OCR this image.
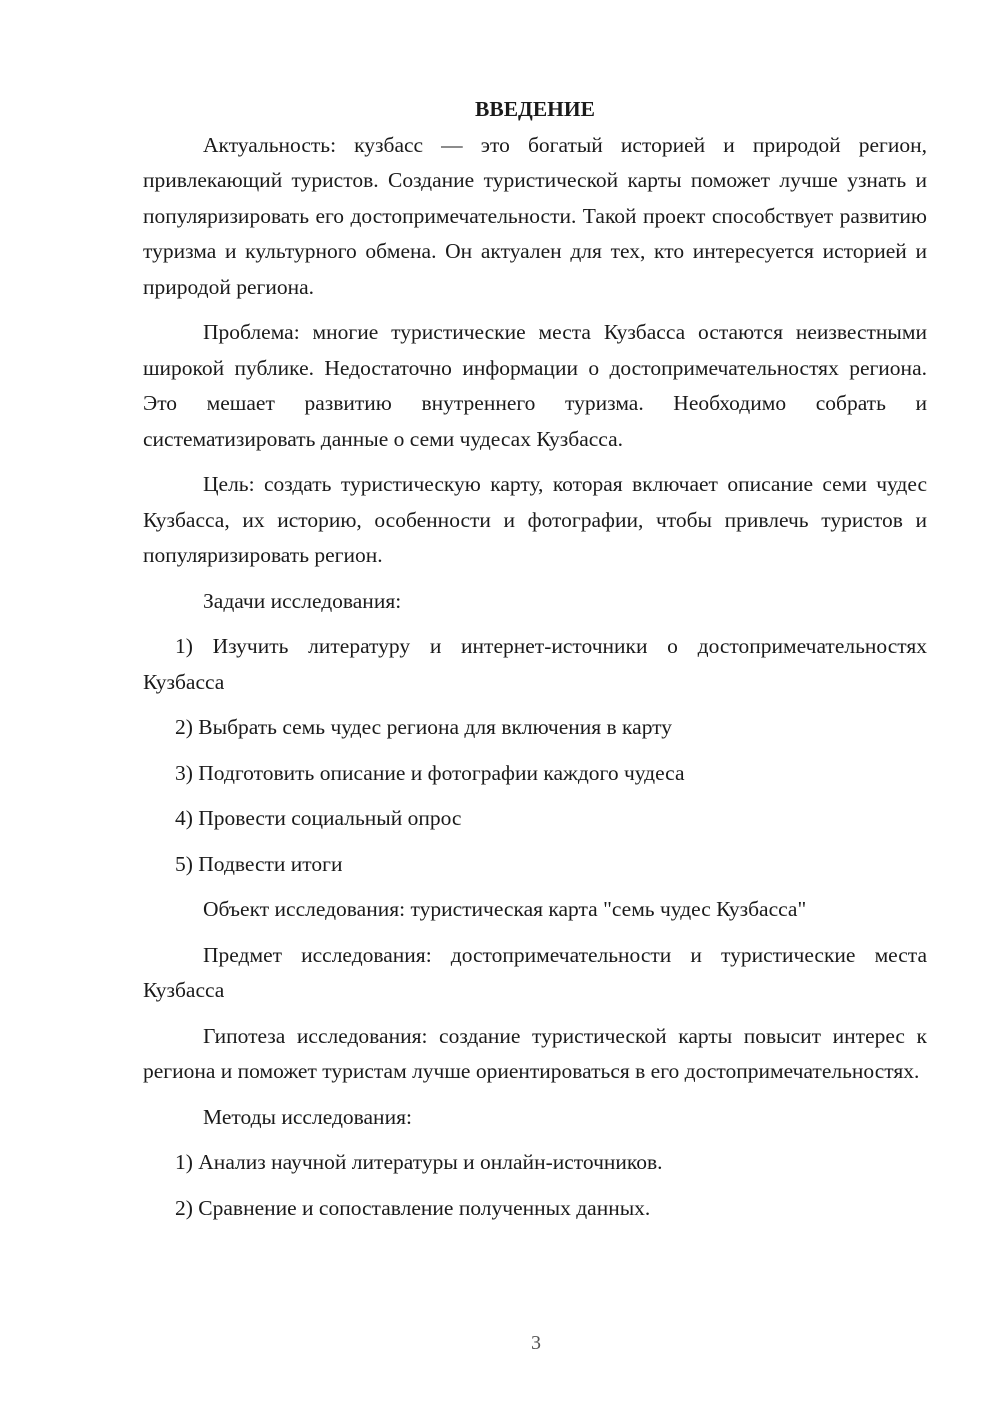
ВВЕДЕНИЕ

Актуальность: кузбасс — это богатый историей и природой регион, привлекающий туристов. Создание туристической карты поможет лучше узнать и популяризировать его достопримечательности. Такой проект способствует развитию туризма и культурного обмена. Он актуален для тех, кто интересуется историей и природой региона.

Проблема: многие туристические места Кузбасса остаются неизвестными широкой публике. Недостаточно информации о достопримечательностях региона. Это мешает развитию внутреннего туризма. Необходимо собрать и систематизировать данные о семи чудесах Кузбасса.

Цель: создать туристическую карту, которая включает описание семи чудес Кузбасса, их историю, особенности и фотографии, чтобы привлечь туристов и популяризировать регион.

Задачи исследования:

1) Изучить литературу и интернет-источники о достопримечательностях Кузбасса

2) Выбрать семь чудес региона для включения в карту

3) Подготовить описание и фотографии каждого чудеса

4) Провести социальный опрос

5) Подвести итоги

Объект исследования: туристическая карта "семь чудес Кузбасса"

Предмет исследования: достопримечательности и туристические места Кузбасса

Гипотеза исследования: создание туристической карты повысит интерес к региона и поможет туристам лучше ориентироваться в его достопримечательностях.

Методы исследования:

1) Анализ научной литературы и онлайн-источников.

2) Сравнение и сопоставление полученных данных.

3
